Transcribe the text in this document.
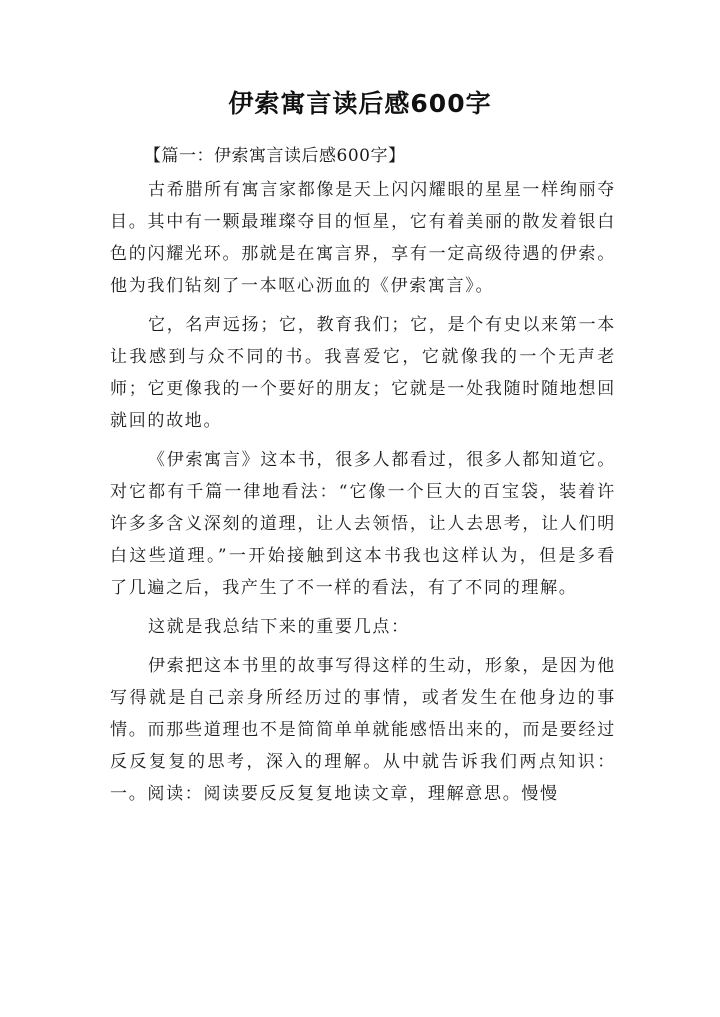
伊索寓言读后感600字

【篇一：伊索寓言读后感600字】

古希腊所有寓言家都像是天上闪闪耀眼的星星一样绚丽夺目。其中有一颗最璀璨夺目的恒星，它有着美丽的散发着银白色的闪耀光环。那就是在寓言界，享有一定高级待遇的伊索。他为我们钻刻了一本呕心沥血的《伊索寓言》。

它，名声远扬；它，教育我们；它，是个有史以来第一本让我感到与众不同的书。我喜爱它，它就像我的一个无声老师；它更像我的一个要好的朋友；它就是一处我随时随地想回就回的故地。

《伊索寓言》这本书，很多人都看过，很多人都知道它。对它都有千篇一律地看法：“它像一个巨大的百宝袋，装着许许多多含义深刻的道理，让人去领悟，让人去思考，让人们明白这些道理。”一开始接触到这本书我也这样认为，但是多看了几遍之后，我产生了不一样的看法，有了不同的理解。

这就是我总结下来的重要几点：

伊索把这本书里的故事写得这样的生动，形象，是因为他写得就是自己亲身所经历过的事情，或者发生在他身边的事情。而那些道理也不是简简单单就能感悟出来的，而是要经过反反复复的思考，深入的理解。从中就告诉我们两点知识：一。阅读：阅读要反反复复地读文章，理解意思。慢慢
